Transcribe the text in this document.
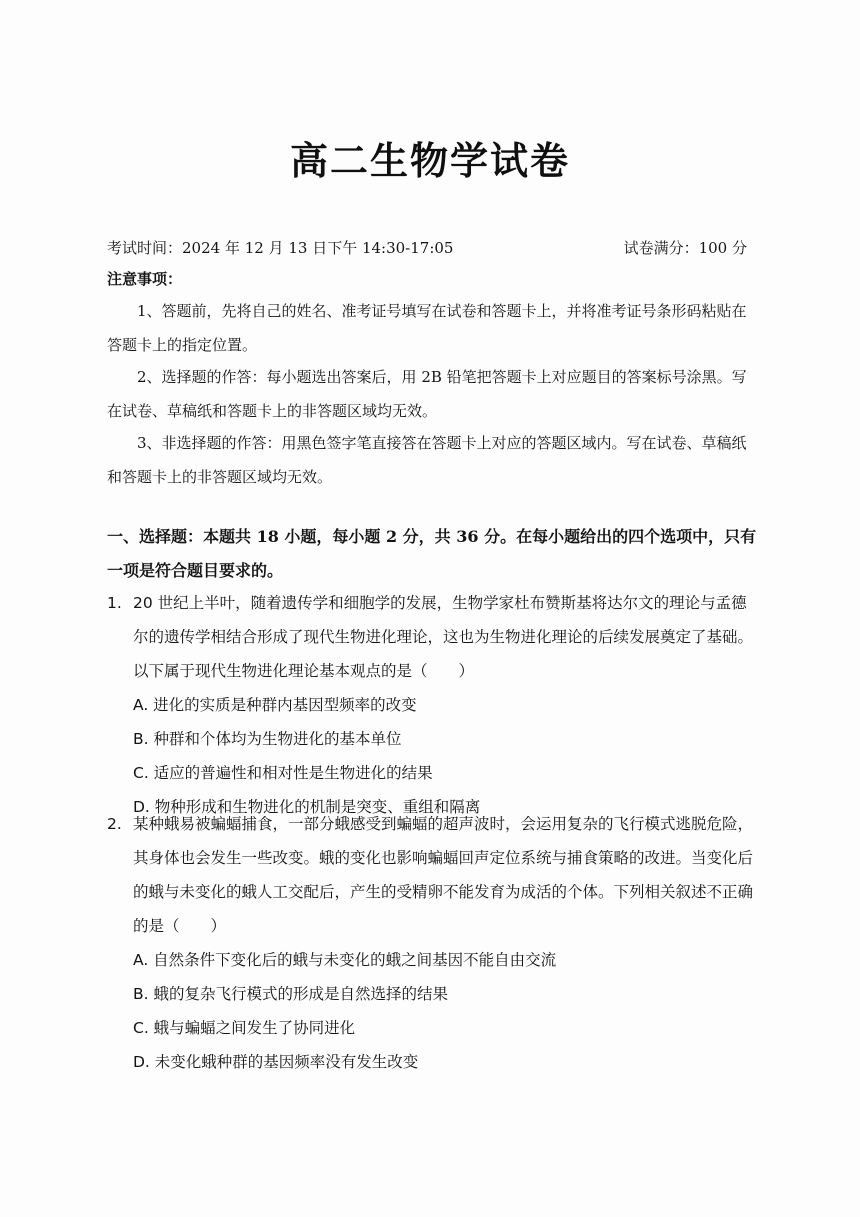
高二生物学试卷
考试时间：2024 年 12 月 13 日下午 14:30-17:05	试卷满分：100 分
注意事项：
1、答题前，先将自己的姓名、准考证号填写在试卷和答题卡上，并将准考证号条形码粘贴在答题卡上的指定位置。
2、选择题的作答：每小题选出答案后，用 2B 铅笔把答题卡上对应题目的答案标号涂黑。写在试卷、草稿纸和答题卡上的非答题区域均无效。
3、非选择题的作答：用黑色签字笔直接答在答题卡上对应的答题区域内。写在试卷、草稿纸和答题卡上的非答题区域均无效。
一、选择题：本题共 18 小题，每小题 2 分，共 36 分。在每小题给出的四个选项中，只有一项是符合题目要求的。
1. 20 世纪上半叶，随着遗传学和细胞学的发展，生物学家杜布赞斯基将达尔文的理论与孟德尔的遗传学相结合形成了现代生物进化理论，这也为生物进化理论的后续发展奠定了基础。以下属于现代生物进化理论基本观点的是（　　）
A. 进化的实质是种群内基因型频率的改变
B. 种群和个体均为生物进化的基本单位
C. 适应的普遍性和相对性是生物进化的结果
D. 物种形成和生物进化的机制是突变、重组和隔离
2. 某种蛾易被蝙蝠捕食，一部分蛾感受到蝙蝠的超声波时，会运用复杂的飞行模式逃脱危险，其身体也会发生一些改变。蛾的变化也影响蝙蝠回声定位系统与捕食策略的改进。当变化后的蛾与未变化的蛾人工交配后，产生的受精卵不能发育为成活的个体。下列相关叙述不正确的是（　　）
A. 自然条件下变化后的蛾与未变化的蛾之间基因不能自由交流
B. 蛾的复杂飞行模式的形成是自然选择的结果
C. 蛾与蝙蝠之间发生了协同进化
D. 未变化蛾种群的基因频率没有发生改变
